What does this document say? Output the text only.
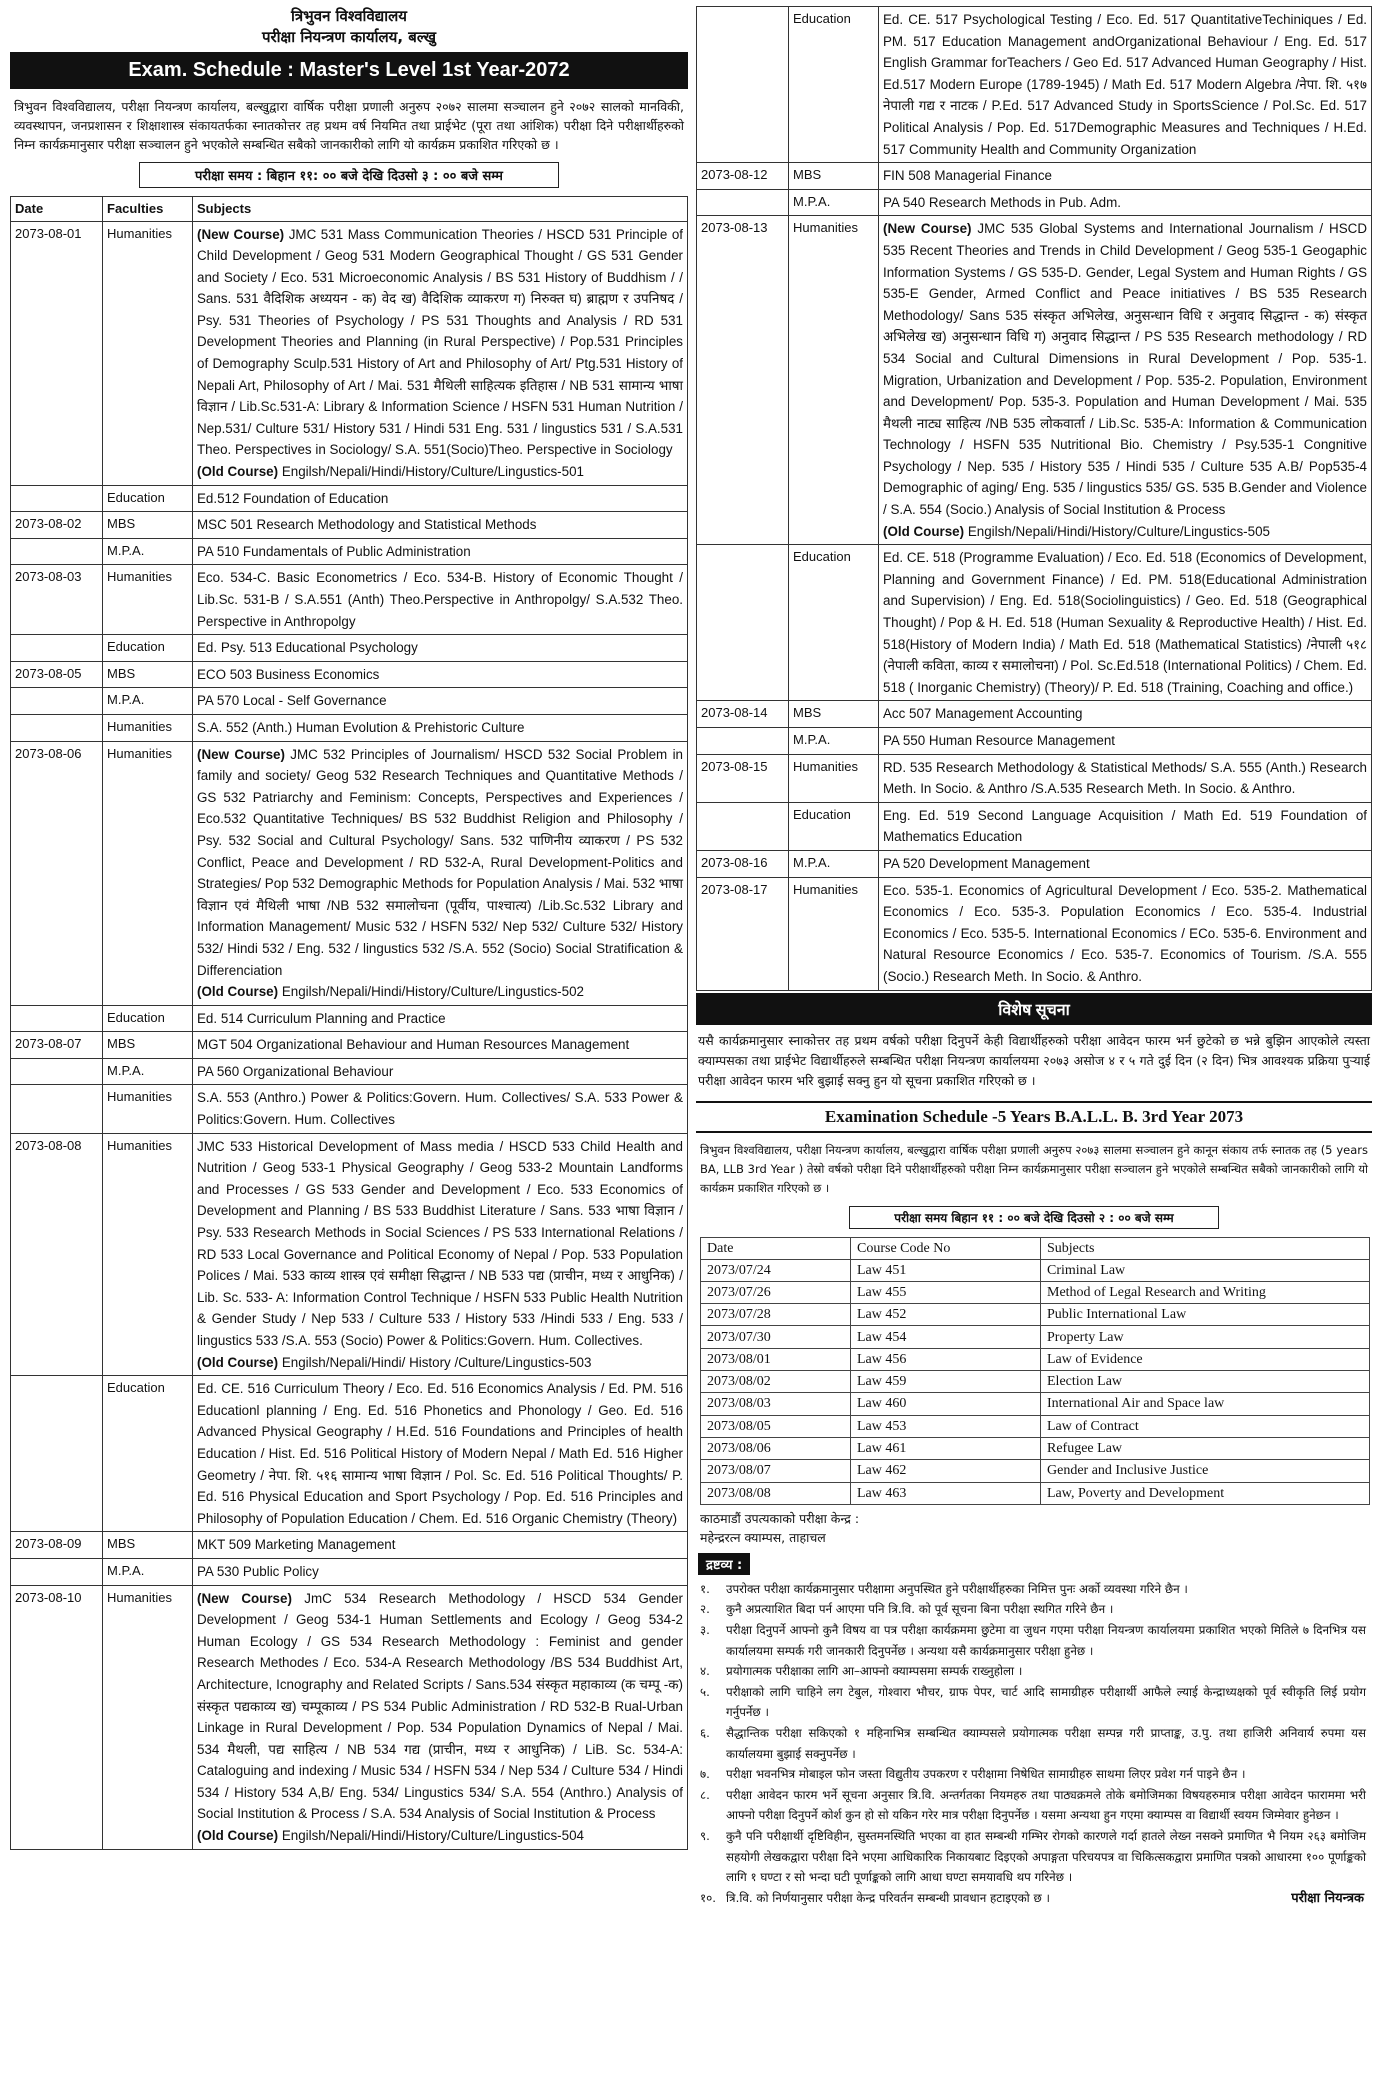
त्रिभुवन विश्वविद्यालय
परीक्षा नियन्त्रण कार्यालय, बल्खु
Exam. Schedule : Master's Level 1st Year-2072

त्रिभुवन विश्वविद्यालय, परीक्षा नियन्त्रण कार्यालय, बल्खुद्वारा वार्षिक परीक्षा प्रणाली अनुरुप २०७२ सालमा सञ्चालन हुने २०७२ सालको मानविकी, व्यवस्थापन, जनप्रशासन र शिक्षाशास्त्र संकायतर्फका स्नातकोत्तर तह प्रथम वर्ष नियमित तथा प्राईभेट (पूरा तथा आंशिक) परीक्षा दिने परीक्षार्थीहरुको निम्न कार्यक्रमानुसार परीक्षा सञ्चालन हुने भएकोले सम्बन्धित सबैको जानकारीको लागि यो कार्यक्रम प्रकाशित गरिएको छ ।

परीक्षा समय : बिहान ११: ०० बजे देखि दिउसो ३ : ०० बजे सम्म
Date	Faculties	Subjects
2073-08-01	Humanities	(New Course) JMC 531 Mass Communication Theories / HSCD 531 Principle of Child Development / Geog 531 Modern Geographical Thought / GS 531 Gender and Society / Eco. 531 Microeconomic Analysis / BS 531 History of Buddhism / / Sans. 531 वैदिशिक अध्ययन - क) वेद ख) वैदिशिक व्याकरण ग) निरुक्त घ) ब्राह्मण र उपनिषद / Psy. 531 Theories of Psychology / PS 531 Thoughts and Analysis / RD 531 Development Theories and Planning (in Rural Perspective) / Pop.531 Principles of Demography Sculp.531 History of Art and Philosophy of Art/ Ptg.531 History of Nepali Art, Philosophy of Art / Mai. 531 मैथिली साहित्यक इतिहास / NB 531 सामान्य भाषा विज्ञान / Lib.Sc.531-A: Library & Information Science / HSFN 531 Human Nutrition / Nep.531/ Culture 531/ History 531 / Hindi 531 Eng. 531 / lingustics 531 / S.A.531 Theo. Perspectives in Sociology/ S.A. 551(Socio)Theo. Perspective in Sociology
(Old Course) Engilsh/Nepali/Hindi/History/Culture/Lingustics-501
	Education	Ed.512 Foundation of Education
2073-08-02	MBS	MSC 501 Research Methodology and Statistical Methods
	M.P.A.	PA 510 Fundamentals of Public Administration
2073-08-03	Humanities	Eco. 534-C. Basic Econometrics / Eco. 534-B. History of Economic Thought / Lib.Sc. 531-B / S.A.551 (Anth) Theo.Perspective in Anthropolgy/ S.A.532 Theo. Perspective in Anthropolgy
	Education	Ed. Psy. 513 Educational Psychology
2073-08-05	MBS	ECO 503 Business Economics
	M.P.A.	PA 570 Local - Self Governance
	Humanities	S.A. 552 (Anth.) Human Evolution & Prehistoric Culture
2073-08-06	Humanities	(New Course) JMC 532 Principles of Journalism/ HSCD 532 Social Problem in family and society/ Geog 532 Research Techniques and Quantitative Methods / GS 532 Patriarchy and Feminism: Concepts, Perspectives and Experiences / Eco.532 Quantitative Techniques/ BS 532 Buddhist Religion and Philosophy / Psy. 532 Social and Cultural Psychology/ Sans. 532 पाणिनीय व्याकरण / PS 532 Conflict, Peace and Development / RD 532-A, Rural Development-Politics and Strategies/ Pop 532 Demographic Methods for Population Analysis / Mai. 532 भाषा विज्ञान एवं मैथिली भाषा /NB 532 समालोचना (पूर्वीय, पाश्चात्य) /Lib.Sc.532 Library and Information Management/ Music 532 / HSFN 532/ Nep 532/ Culture 532/ History 532/ Hindi 532 / Eng. 532 / lingustics 532 /S.A. 552 (Socio) Social Stratification & Differenciation
(Old Course) Engilsh/Nepali/Hindi/History/Culture/Lingustics-502
	Education	Ed. 514 Curriculum Planning and Practice
2073-08-07	MBS	MGT 504 Organizational Behaviour and Human Resources Management
	M.P.A.	PA 560 Organizational Behaviour
	Humanities	S.A. 553 (Anthro.) Power & Politics:Govern. Hum. Collectives/ S.A. 533 Power & Politics:Govern. Hum. Collectives
2073-08-08	Humanities	JMC 533 Historical Development of Mass media / HSCD 533 Child Health and Nutrition / Geog 533-1 Physical Geography / Geog 533-2 Mountain Landforms and Processes / GS 533 Gender and Development / Eco. 533 Economics of Development and Planning / BS 533 Buddhist Literature / Sans. 533 भाषा विज्ञान / Psy. 533 Research Methods in Social Sciences / PS 533 International Relations / RD 533 Local Governance and Political Economy of Nepal / Pop. 533 Population Polices / Mai. 533 काव्य शास्त्र एवं समीक्षा सिद्धान्त / NB 533 पद्य (प्राचीन, मध्य र आधुनिक) / Lib. Sc. 533- A: Information Control Technique / HSFN 533 Public Health Nutrition & Gender Study / Nep 533 / Culture 533 / History 533 /Hindi 533 / Eng. 533 / lingustics 533 /S.A. 553 (Socio) Power & Politics:Govern. Hum. Collectives.
(Old Course) Engilsh/Nepali/Hindi/ History /Culture/Lingustics-503
	Education	Ed. CE. 516 Curriculum Theory / Eco. Ed. 516 Economics Analysis / Ed. PM. 516 Educationl planning / Eng. Ed. 516 Phonetics and Phonology / Geo. Ed. 516 Advanced Physical Geography / H.Ed. 516 Foundations and Principles of health Education / Hist. Ed. 516 Political History of Modern Nepal / Math Ed. 516 Higher Geometry / नेपा. शि. ५१६ सामान्य भाषा विज्ञान / Pol. Sc. Ed. 516 Political Thoughts/ P. Ed. 516 Physical Education and Sport Psychology / Pop. Ed. 516 Principles and Philosophy of Population Education / Chem. Ed. 516 Organic Chemistry (Theory)
2073-08-09	MBS	MKT 509 Marketing Management
	M.P.A.	PA 530 Public Policy
2073-08-10	Humanities	(New Course) JmC 534 Research Methodology / HSCD 534 Gender Development / Geog 534-1 Human Settlements and Ecology / Geog 534-2 Human Ecology / GS 534 Research Methodology : Feminist and gender Research Methodes / Eco. 534-A Research Methodology /BS 534 Buddhist Art, Architecture, Icnography and Related Scripts / Sans.534 संस्कृत महाकाव्य (क चम्पू -क) संस्कृत पद्यकाव्य ख) चम्पूकाव्य / PS 534 Public Administration / RD 532-B Rual-Urban Linkage in Rural Development / Pop. 534 Population Dynamics of Nepal / Mai. 534 मैथली, पद्य साहित्य / NB 534 गद्य (प्राचीन, मध्य र आधुनिक) / LiB. Sc. 534-A: Cataloguing and indexing / Music 534 / HSFN 534 / Nep 534 / Culture 534 / Hindi 534 / History 534 A,B/ Eng. 534/ Lingustics 534/ S.A. 554 (Anthro.) Analysis of Social Institution & Process / S.A. 534 Analysis of Social Institution & Process
(Old Course) Engilsh/Nepali/Hindi/History/Culture/Lingustics-504
	Education	Ed. CE. 517 Psychological Testing / Eco. Ed. 517 QuantitativeTechiniques / Ed. PM. 517 Education Management andOrganizational Behaviour / Eng. Ed. 517 English Grammar forTeachers / Geo Ed. 517 Advanced Human Geography / Hist. Ed.517 Modern Europe (1789-1945) / Math Ed. 517 Modern Algebra /नेपा. शि. ५१७ नेपाली गद्य र नाटक / P.Ed. 517 Advanced Study in SportsScience / Pol.Sc. Ed. 517 Political Analysis / Pop. Ed. 517Demographic Measures and Techniques / H.Ed. 517 Community Health and Community Organization
2073-08-12	MBS	FIN 508 Managerial Finance
	M.P.A.	PA 540 Research Methods in Pub. Adm.
2073-08-13	Humanities	(New Course) JMC 535 Global Systems and International Journalism / HSCD 535 Recent Theories and Trends in Child Development / Geog 535-1 Geogaphic Information Systems / GS 535-D. Gender, Legal System and Human Rights / GS 535-E Gender, Armed Conflict and Peace initiatives / BS 535 Research Methodology/ Sans 535 संस्कृत अभिलेख, अनुसन्धान विधि र अनुवाद सिद्धान्त - क) संस्कृत अभिलेख ख) अनुसन्धान विधि ग) अनुवाद सिद्धान्त / PS 535 Research methodology / RD 534 Social and Cultural Dimensions in Rural Development / Pop. 535-1. Migration, Urbanization and Development / Pop. 535-2. Population, Environment and Development/ Pop. 535-3. Population and Human Development / Mai. 535 मैथली नाट्य साहित्य /NB 535 लोकवार्ता / Lib.Sc. 535-A: Information & Communication Technology / HSFN 535 Nutritional Bio. Chemistry / Psy.535-1 Congnitive Psychology / Nep. 535 / History 535 / Hindi 535 / Culture 535 A.B/ Pop535-4 Demographic of aging/ Eng. 535 / lingustics 535/ GS. 535 B.Gender and Violence / S.A. 554 (Socio.) Analysis of Social Institution & Process
(Old Course) Engilsh/Nepali/Hindi/History/Culture/Lingustics-505
	Education	Ed. CE. 518 (Programme Evaluation) / Eco. Ed. 518 (Economics of Development, Planning and Government Finance) / Ed. PM. 518(Educational Administration and Supervision) / Eng. Ed. 518(Sociolinguistics) / Geo. Ed. 518 (Geographical Thought) / Pop & H. Ed. 518 (Human Sexuality & Reproductive Health) / Hist. Ed. 518(History of Modern India) / Math Ed. 518 (Mathematical Statistics) /नेपाली ५१८ (नेपाली कविता, काव्य र समालोचना) / Pol. Sc.Ed.518 (International Politics) / Chem. Ed. 518 ( Inorganic Chemistry) (Theory)/ P. Ed. 518 (Training, Coaching and office.)
2073-08-14	MBS	Acc 507 Management Accounting
	M.P.A.	PA 550 Human Resource Management
2073-08-15	Humanities	RD. 535 Research Methodology & Statistical Methods/ S.A. 555 (Anth.) Research Meth. In Socio. & Anthro /S.A.535 Research Meth. In Socio. & Anthro.
	Education	Eng. Ed. 519 Second Language Acquisition / Math Ed. 519 Foundation of Mathematics Education
2073-08-16	M.P.A.	PA 520 Development Management
2073-08-17	Humanities	Eco. 535-1. Economics of Agricultural Development / Eco. 535-2. Mathematical Economics / Eco. 535-3. Population Economics / Eco. 535-4. Industrial Economics / Eco. 535-5. International Economics / ECo. 535-6. Environment and Natural Resource Economics / Eco. 535-7. Economics of Tourism. /S.A. 555 (Socio.) Research Meth. In Socio. & Anthro.
विशेष सूचना

यसै कार्यक्रमानुसार स्नाकोत्तर तह प्रथम वर्षको परीक्षा दिनुपर्ने केही विद्यार्थीहरुको परीक्षा आवेदन फारम भर्न छुटेको छ भन्ने बुझिन आएकोले त्यस्ता क्याम्पसका तथा प्राईभेट विद्यार्थीहरुले सम्बन्धित परीक्षा नियन्त्रण कार्यालयमा २०७३ असोज ४ र ५ गते दुई दिन (२ दिन) भित्र आवश्यक प्रक्रिया पुऱ्याई परीक्षा आवेदन फारम भरि बुझाई सक्नु हुन यो सूचना प्रकाशित गरिएको छ ।

Examination Schedule -5 Years B.A.L.L. B. 3rd Year 2073

त्रिभुवन विश्वविद्यालय, परीक्षा नियन्त्रण कार्यालय, बल्खुद्वारा वार्षिक परीक्षा प्रणाली अनुरुप २०७३ सालमा सञ्चालन हुने कानून संकाय तर्फ स्नातक तह (5 years BA, LLB 3rd Year ) तेस्रो वर्षको परीक्षा दिने परीक्षार्थीहरुको परीक्षा निम्न कार्यक्रमानुसार परीक्षा सञ्चालन हुने भएकोले सम्बन्धित सबैको जानकारीको लागि यो कार्यक्रम प्रकाशित गरिएको छ ।

परीक्षा समय बिहान ११ : ०० बजे देखि दिउसो २ : ०० बजे सम्म
Date	Course Code No	Subjects
2073/07/24	Law 451	Criminal Law
2073/07/26	Law 455	Method of Legal Research and Writing
2073/07/28	Law 452	Public International Law
2073/07/30	Law 454	Property Law
2073/08/01	Law 456	Law of Evidence
2073/08/02	Law 459	Election Law
2073/08/03	Law 460	International Air and Space law
2073/08/05	Law 453	Law of Contract
2073/08/06	Law 461	Refugee Law
2073/08/07	Law 462	Gender and Inclusive Justice
2073/08/08	Law 463	Law, Poverty and Development
काठमाडौं उपत्यकाको परीक्षा केन्द्र :
महेन्द्ररत्न क्याम्पस, ताहाचल
द्रष्टव्य :
१.	उपरोक्त परीक्षा कार्यक्रमानुसार परीक्षामा अनुपस्थित हुने परीक्षार्थीहरुका निमित्त पुनः अर्को व्यवस्था गरिने छैन ।
२.	कुनै अप्रत्याशित बिदा पर्न आएमा पनि त्रि.वि. को पूर्व सूचना बिना परीक्षा स्थगित गरिने छैन ।
३.	परीक्षा दिनुपर्ने आफ्नो कुनै विषय वा पत्र परीक्षा कार्यक्रममा छुटेमा वा जुधन गएमा परीक्षा नियन्त्रण कार्यालयमा प्रकाशित भएको मितिले ७ दिनभित्र यस कार्यालयमा सम्पर्क गरी जानकारी दिनुपर्नेछ । अन्यथा यसै कार्यक्रमानुसार परीक्षा हुनेछ ।
४.	प्रयोगात्मक परीक्षाका लागि आ–आफ्नो क्याम्पसमा सम्पर्क राख्नुहोला ।
५.	परीक्षाको लागि चाहिने लग टेबुल, गोश्वारा भौचर, ग्राफ पेपर, चार्ट आदि सामाग्रीहरु परीक्षार्थी आफैले ल्याई केन्द्राध्यक्षको पूर्व स्वीकृति लिई प्रयोग गर्नुपर्नेछ ।
६.	सैद्धान्तिक परीक्षा सकिएको १ महिनाभित्र सम्बन्धित क्याम्पसले प्रयोगात्मक परीक्षा सम्पन्न गरी प्राप्ताङ्क, उ.पु. तथा हाजिरी अनिवार्य रुपमा यस कार्यालयमा बुझाई सक्नुपर्नेछ ।
७.	परीक्षा भवनभित्र मोबाइल फोन जस्ता विद्युतीय उपकरण र परीक्षामा निषेधित सामाग्रीहरु साथमा लिएर प्रवेश गर्न पाइने छैन ।
८.	परीक्षा आवेदन फारम भर्ने सूचना अनुसार त्रि.वि. अन्तर्गतका नियमहरु तथा पाठ्यक्रमले तोके बमोजिमका विषयहरुमात्र परीक्षा आवेदन फाराममा भरी आफ्नो परीक्षा दिनुपर्ने कोर्श कुन हो सो यकिन गरेर मात्र परीक्षा दिनुपर्नेछ । यसमा अन्यथा हुन गएमा क्याम्पस वा विद्यार्थी स्वयम जिम्मेवार हुनेछन ।
९.	कुनै पनि परीक्षार्थी दृष्टिविहीन, सुस्तमनस्थिति भएका वा हात सम्बन्धी गम्भिर रोगको कारणले गर्दा हातले लेख्न नसक्ने प्रमाणित भै नियम २६३ बमोजिम सहयोगी लेखकद्वारा परीक्षा दिने भएमा आधिकारिक निकायबाट दिइएको अपाङ्गता परिचयपत्र वा चिकित्सकद्वारा प्रमाणित पत्रको आधारमा १०० पूर्णाङ्कको लागि १ घण्टा र सो भन्दा घटी पूर्णाङ्कको लागि आधा घण्टा समयावधि थप गरिनेछ ।
१०. त्रि.वि. को निर्णयानुसार परीक्षा केन्द्र परिवर्तन सम्बन्धी प्रावधान हटाइएको छ ।	परीक्षा नियन्त्रक
